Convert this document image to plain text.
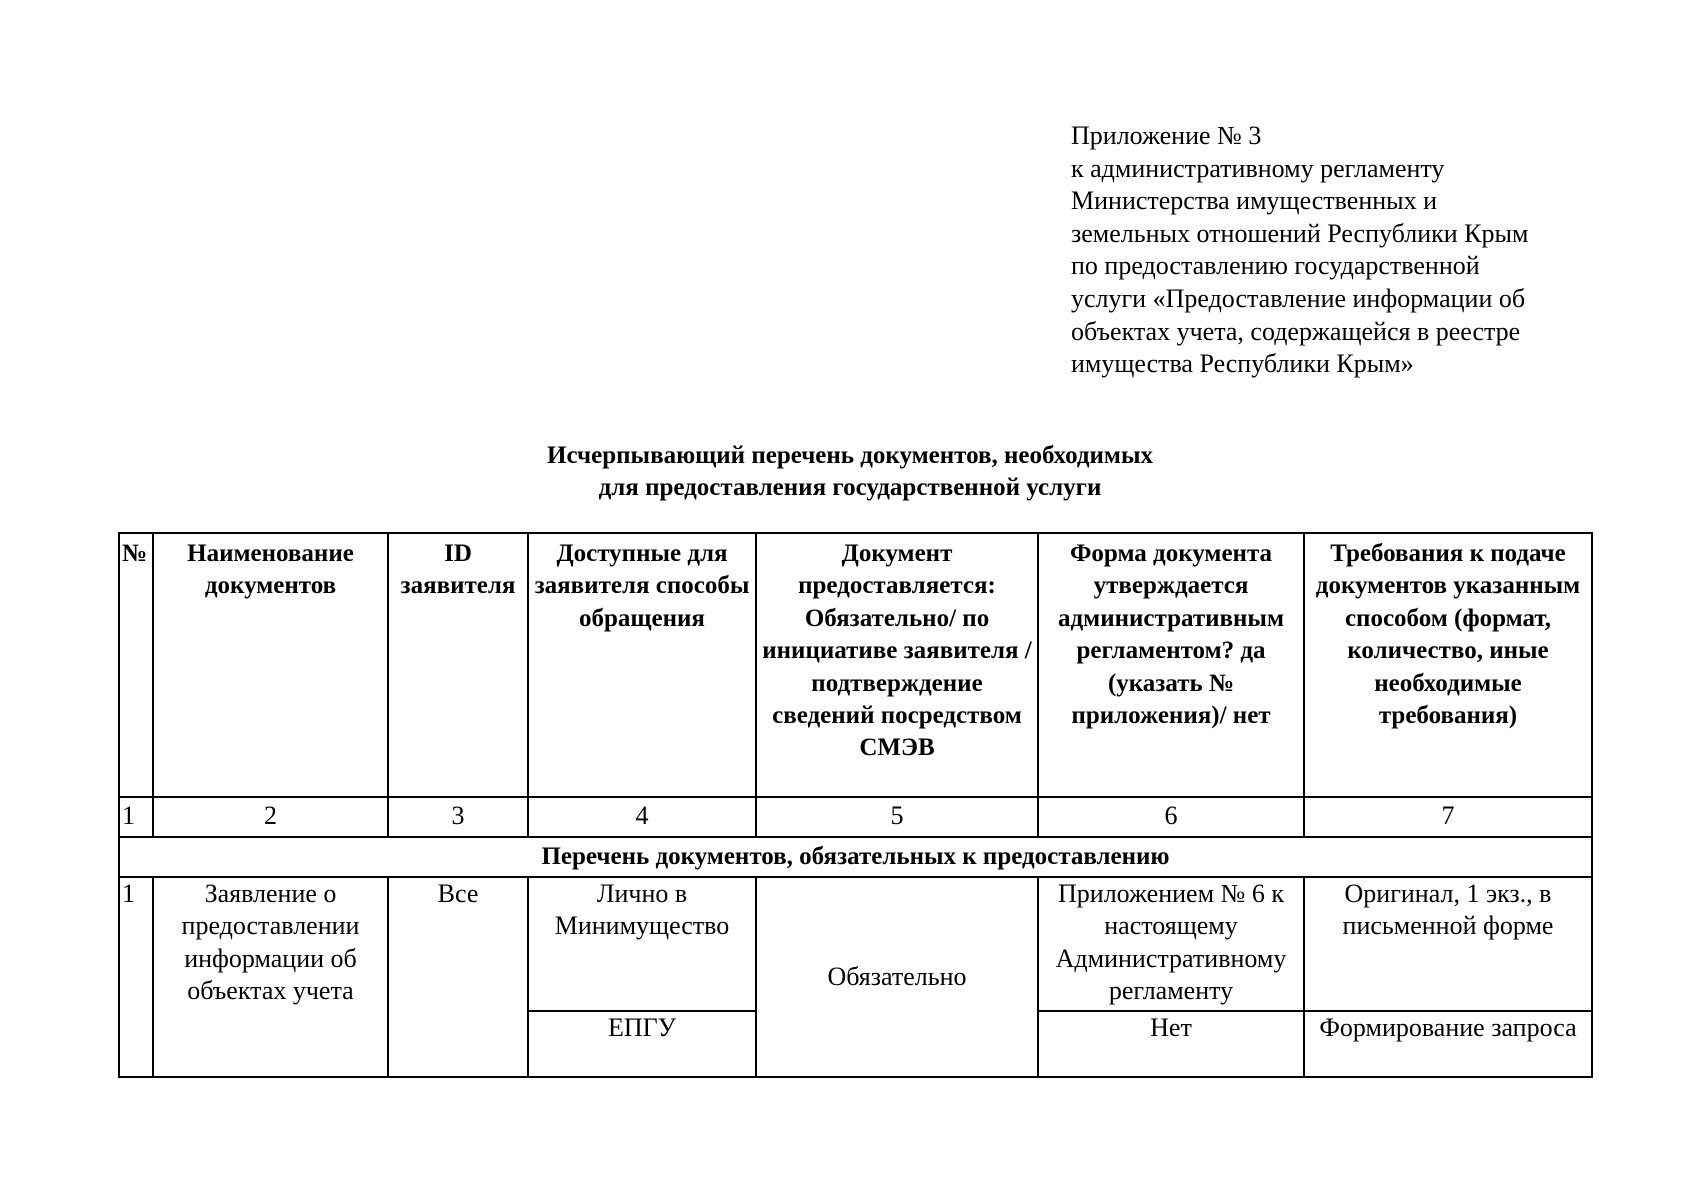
Приложение № 3
к административному регламенту
Министерства имущественных и
земельных отношений Республики Крым
по предоставлению государственной
услуги «Предоставление информации об
объектах учета, содержащейся в реестре
имущества Республики Крым»
Исчерпывающий перечень документов, необходимых
для предоставления государственной услуги
№	Наименование документов	ID заявителя	Доступные для заявителя способы обращения	Документ предоставляется: Обязательно/ по инициативе заявителя /подтверждение сведений посредством СМЭВ	Форма документа утверждается административным регламентом? да (указать № приложения)/ нет	Требования к подаче документов указанным способом (формат, количество, иные необходимые требования)
1	2	3	4	5	6	7
Перечень документов, обязательных к предоставлению						
1	Заявление о предоставлении информации об объектах учета	Все	Лично в Минимущество	Обязательно	Приложением № 6 к настоящему Административному регламенту	Оригинал, 1 экз., в письменной форме
			ЕПГУ		Нет	Формирование запроса
